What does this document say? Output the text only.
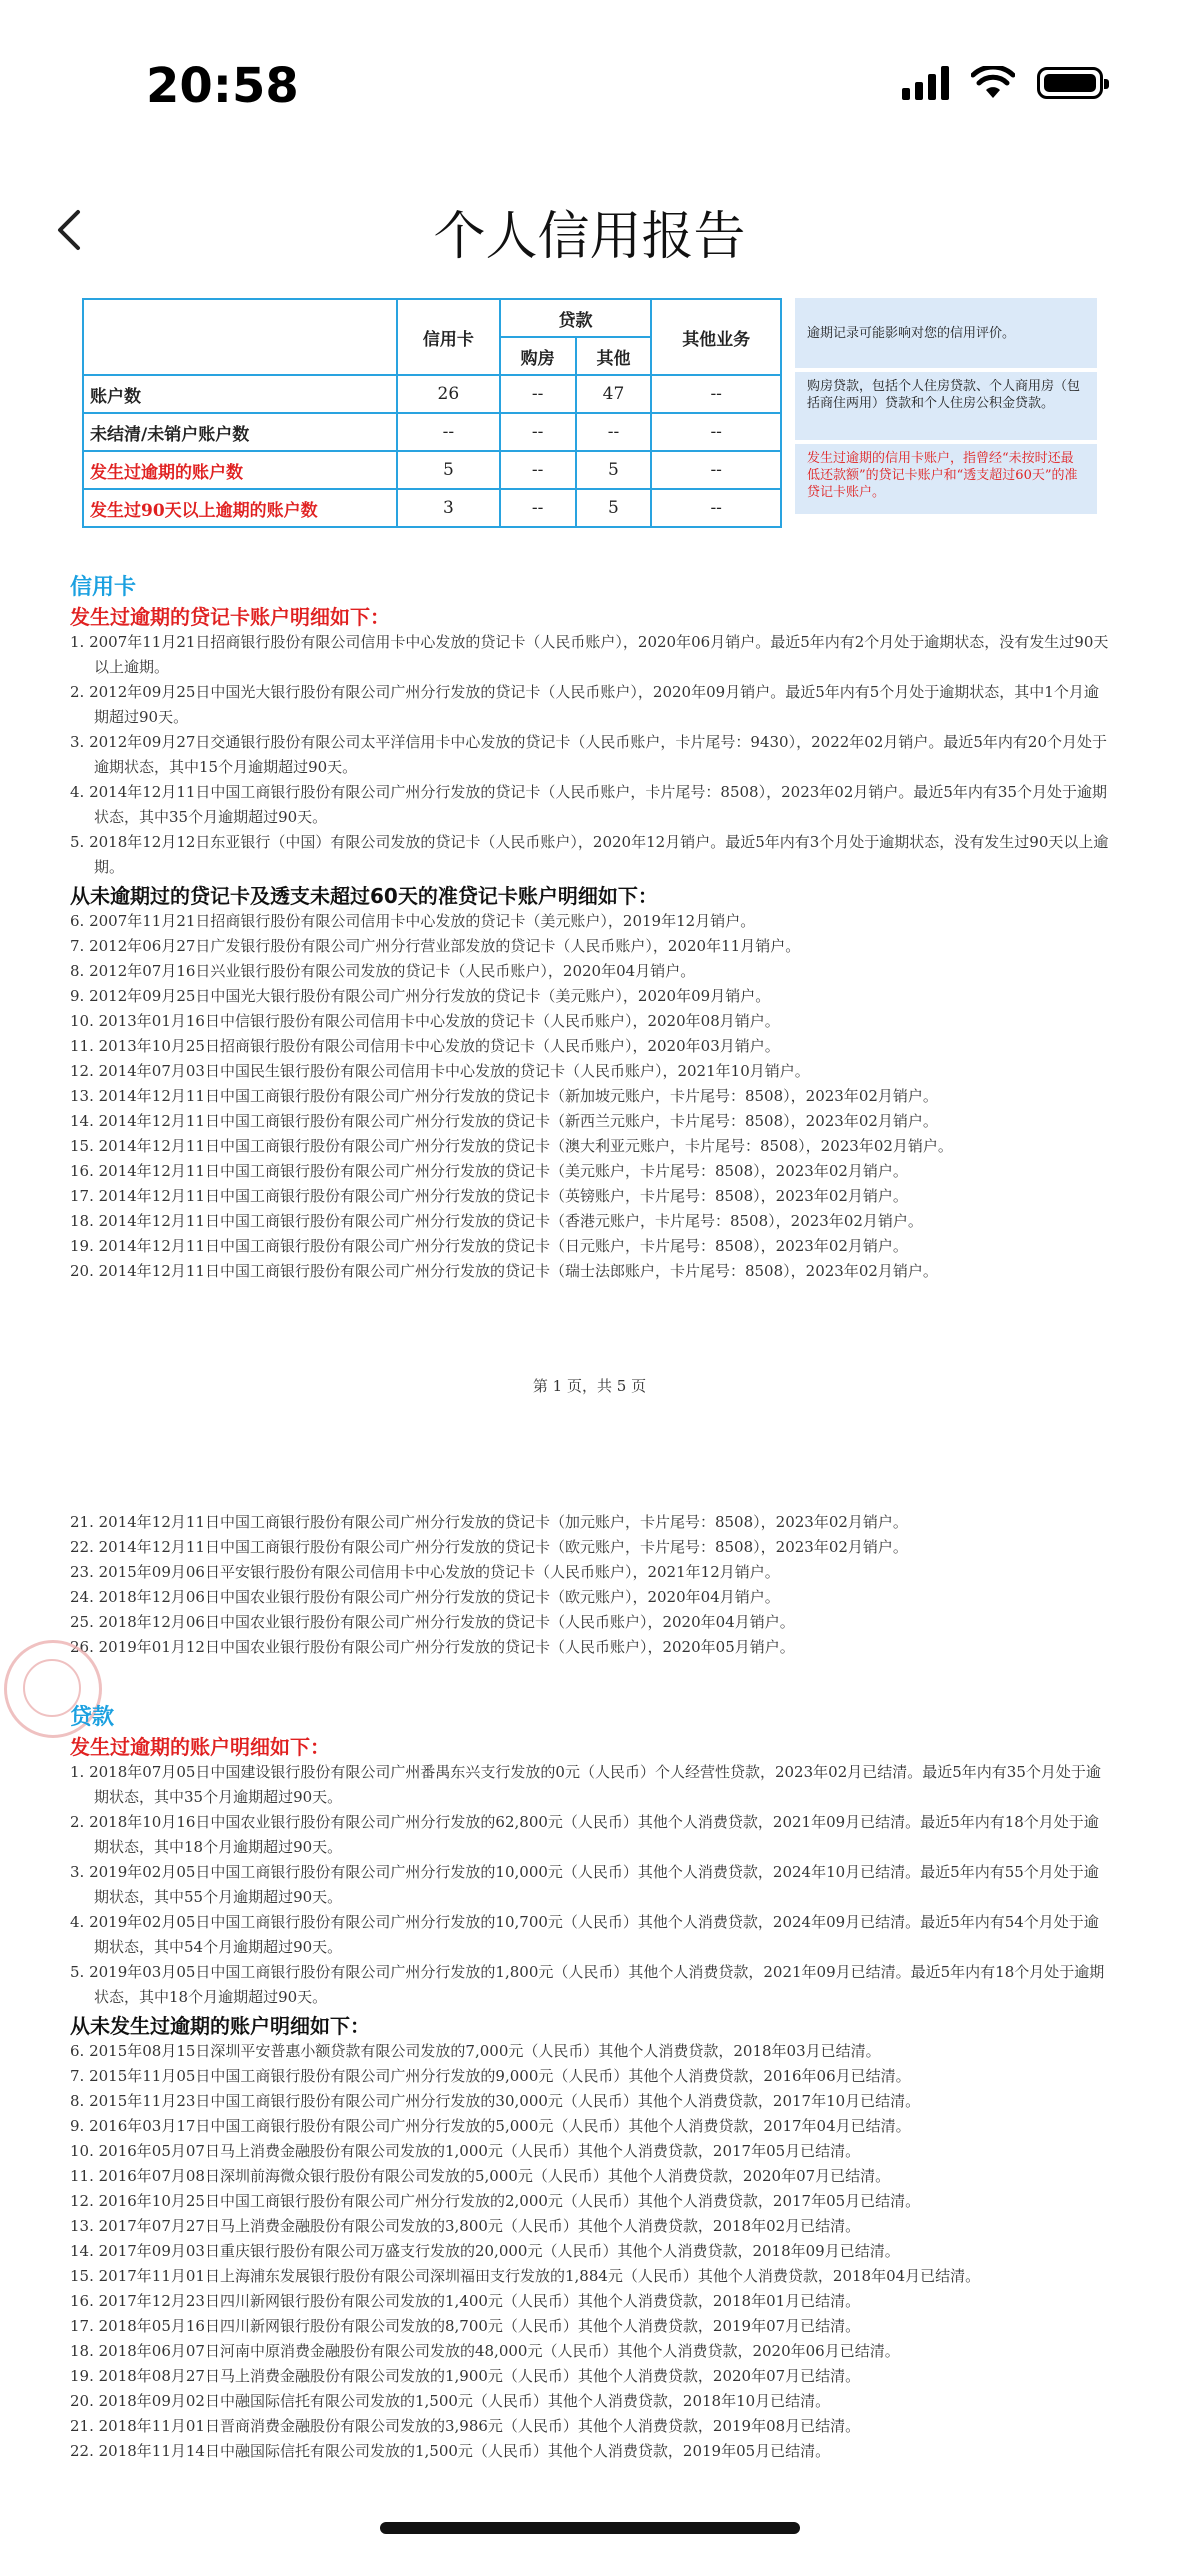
20:58
个人信用报告
	信用卡	贷款		其他业务
		购房	其他	
账户数	26	--	47	--
未结清/未销户账户数	--	--	--	--
发生过逾期的账户数	5	--	5	--
发生过90天以上逾期的账户数	3	--	5	--
逾期记录可能影响对您的信用评价。
购房贷款，包括个人住房贷款、个人商用房（包括商住两用）贷款和个人住房公积金贷款。
发生过逾期的信用卡账户，指曾经“未按时还最低还款额”的贷记卡账户和“透支超过60天”的准贷记卡账户。
信用卡
发生过逾期的贷记卡账户明细如下：
1. 2007年11月21日招商银行股份有限公司信用卡中心发放的贷记卡（人民币账户），2020年06月销户。最近5年内有2个月处于逾期状态，没有发生过90天以上逾期。
2. 2012年09月25日中国光大银行股份有限公司广州分行发放的贷记卡（人民币账户），2020年09月销户。最近5年内有5个月处于逾期状态，其中1个月逾期超过90天。
3. 2012年09月27日交通银行股份有限公司太平洋信用卡中心发放的贷记卡（人民币账户，卡片尾号：9430），2022年02月销户。最近5年内有20个月处于逾期状态，其中15个月逾期超过90天。
4. 2014年12月11日中国工商银行股份有限公司广州分行发放的贷记卡（人民币账户，卡片尾号：8508），2023年02月销户。最近5年内有35个月处于逾期状态，其中35个月逾期超过90天。
5. 2018年12月12日东亚银行（中国）有限公司发放的贷记卡（人民币账户），2020年12月销户。最近5年内有3个月处于逾期状态，没有发生过90天以上逾期。
从未逾期过的贷记卡及透支未超过60天的准贷记卡账户明细如下：
6. 2007年11月21日招商银行股份有限公司信用卡中心发放的贷记卡（美元账户），2019年12月销户。
7. 2012年06月27日广发银行股份有限公司广州分行营业部发放的贷记卡（人民币账户），2020年11月销户。
8. 2012年07月16日兴业银行股份有限公司发放的贷记卡（人民币账户），2020年04月销户。
9. 2012年09月25日中国光大银行股份有限公司广州分行发放的贷记卡（美元账户），2020年09月销户。
10. 2013年01月16日中信银行股份有限公司信用卡中心发放的贷记卡（人民币账户），2020年08月销户。
11. 2013年10月25日招商银行股份有限公司信用卡中心发放的贷记卡（人民币账户），2020年03月销户。
12. 2014年07月03日中国民生银行股份有限公司信用卡中心发放的贷记卡（人民币账户），2021年10月销户。
13. 2014年12月11日中国工商银行股份有限公司广州分行发放的贷记卡（新加坡元账户，卡片尾号：8508），2023年02月销户。
14. 2014年12月11日中国工商银行股份有限公司广州分行发放的贷记卡（新西兰元账户，卡片尾号：8508），2023年02月销户。
15. 2014年12月11日中国工商银行股份有限公司广州分行发放的贷记卡（澳大利亚元账户，卡片尾号：8508），2023年02月销户。
16. 2014年12月11日中国工商银行股份有限公司广州分行发放的贷记卡（美元账户，卡片尾号：8508），2023年02月销户。
17. 2014年12月11日中国工商银行股份有限公司广州分行发放的贷记卡（英镑账户，卡片尾号：8508），2023年02月销户。
18. 2014年12月11日中国工商银行股份有限公司广州分行发放的贷记卡（香港元账户，卡片尾号：8508），2023年02月销户。
19. 2014年12月11日中国工商银行股份有限公司广州分行发放的贷记卡（日元账户，卡片尾号：8508），2023年02月销户。
20. 2014年12月11日中国工商银行股份有限公司广州分行发放的贷记卡（瑞士法郎账户，卡片尾号：8508），2023年02月销户。
第 1 页，共 5 页
21. 2014年12月11日中国工商银行股份有限公司广州分行发放的贷记卡（加元账户，卡片尾号：8508），2023年02月销户。
22. 2014年12月11日中国工商银行股份有限公司广州分行发放的贷记卡（欧元账户，卡片尾号：8508），2023年02月销户。
23. 2015年09月06日平安银行股份有限公司信用卡中心发放的贷记卡（人民币账户），2021年12月销户。
24. 2018年12月06日中国农业银行股份有限公司广州分行发放的贷记卡（欧元账户），2020年04月销户。
25. 2018年12月06日中国农业银行股份有限公司广州分行发放的贷记卡（人民币账户），2020年04月销户。
26. 2019年01月12日中国农业银行股份有限公司广州分行发放的贷记卡（人民币账户），2020年05月销户。
贷款
发生过逾期的账户明细如下：
1. 2018年07月05日中国建设银行股份有限公司广州番禺东兴支行发放的0元（人民币）个人经营性贷款，2023年02月已结清。最近5年内有35个月处于逾期状态，其中35个月逾期超过90天。
2. 2018年10月16日中国农业银行股份有限公司广州分行发放的62,800元（人民币）其他个人消费贷款，2021年09月已结清。最近5年内有18个月处于逾期状态，其中18个月逾期超过90天。
3. 2019年02月05日中国工商银行股份有限公司广州分行发放的10,000元（人民币）其他个人消费贷款，2024年10月已结清。最近5年内有55个月处于逾期状态，其中55个月逾期超过90天。
4. 2019年02月05日中国工商银行股份有限公司广州分行发放的10,700元（人民币）其他个人消费贷款，2024年09月已结清。最近5年内有54个月处于逾期状态，其中54个月逾期超过90天。
5. 2019年03月05日中国工商银行股份有限公司广州分行发放的1,800元（人民币）其他个人消费贷款，2021年09月已结清。最近5年内有18个月处于逾期状态，其中18个月逾期超过90天。
从未发生过逾期的账户明细如下：
6. 2015年08月15日深圳平安普惠小额贷款有限公司发放的7,000元（人民币）其他个人消费贷款，2018年03月已结清。
7. 2015年11月05日中国工商银行股份有限公司广州分行发放的9,000元（人民币）其他个人消费贷款，2016年06月已结清。
8. 2015年11月23日中国工商银行股份有限公司广州分行发放的30,000元（人民币）其他个人消费贷款，2017年10月已结清。
9. 2016年03月17日中国工商银行股份有限公司广州分行发放的5,000元（人民币）其他个人消费贷款，2017年04月已结清。
10. 2016年05月07日马上消费金融股份有限公司发放的1,000元（人民币）其他个人消费贷款，2017年05月已结清。
11. 2016年07月08日深圳前海微众银行股份有限公司发放的5,000元（人民币）其他个人消费贷款，2020年07月已结清。
12. 2016年10月25日中国工商银行股份有限公司广州分行发放的2,000元（人民币）其他个人消费贷款，2017年05月已结清。
13. 2017年07月27日马上消费金融股份有限公司发放的3,800元（人民币）其他个人消费贷款，2018年02月已结清。
14. 2017年09月03日重庆银行股份有限公司万盛支行发放的20,000元（人民币）其他个人消费贷款，2018年09月已结清。
15. 2017年11月01日上海浦东发展银行股份有限公司深圳福田支行发放的1,884元（人民币）其他个人消费贷款，2018年04月已结清。
16. 2017年12月23日四川新网银行股份有限公司发放的1,400元（人民币）其他个人消费贷款，2018年01月已结清。
17. 2018年05月16日四川新网银行股份有限公司发放的8,700元（人民币）其他个人消费贷款，2019年07月已结清。
18. 2018年06月07日河南中原消费金融股份有限公司发放的48,000元（人民币）其他个人消费贷款，2020年06月已结清。
19. 2018年08月27日马上消费金融股份有限公司发放的1,900元（人民币）其他个人消费贷款，2020年07月已结清。
20. 2018年09月02日中融国际信托有限公司发放的1,500元（人民币）其他个人消费贷款，2018年10月已结清。
21. 2018年11月01日晋商消费金融股份有限公司发放的3,986元（人民币）其他个人消费贷款，2019年08月已结清。
22. 2018年11月14日中融国际信托有限公司发放的1,500元（人民币）其他个人消费贷款，2019年05月已结清。
